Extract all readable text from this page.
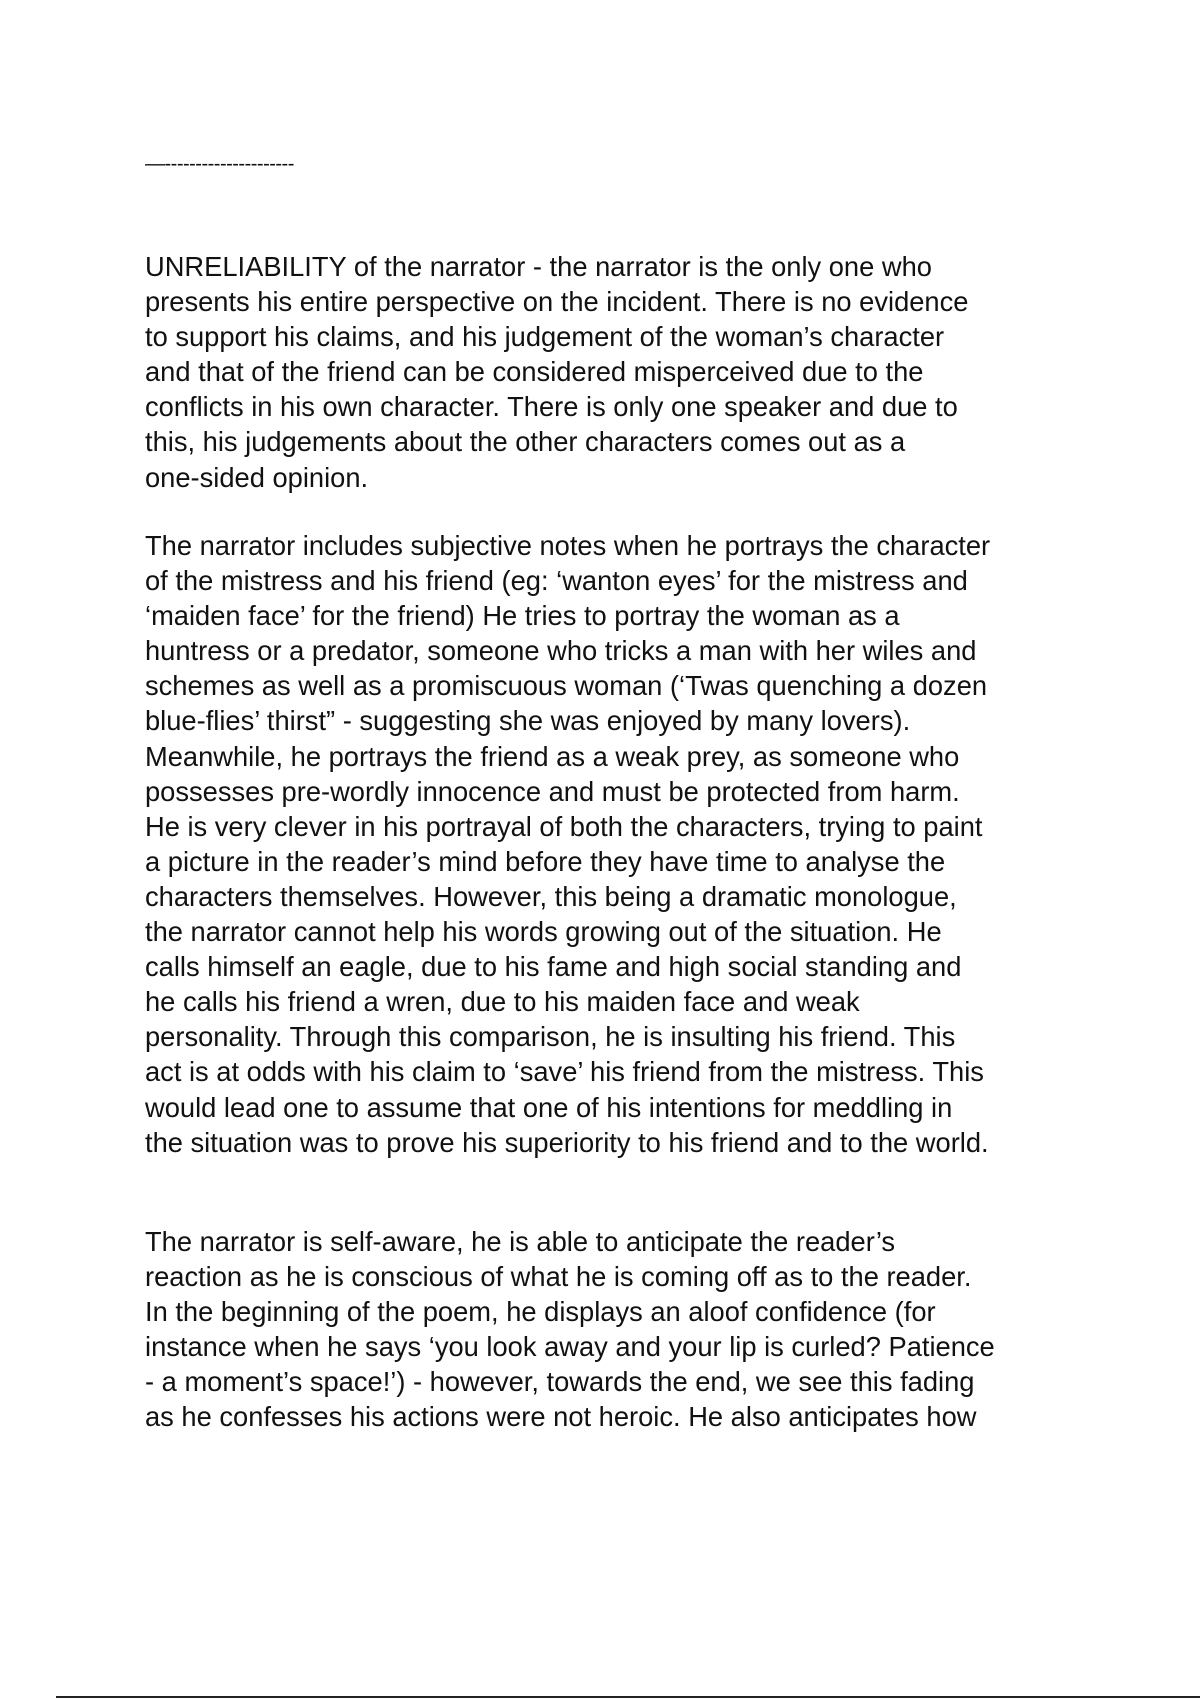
—---------------------

UNRELIABILITY of the narrator - the narrator is the only one who
presents his entire perspective on the incident. There is no evidence
to support his claims, and his judgement of the woman’s character
and that of the friend can be considered misperceived due to the
conflicts in his own character. There is only one speaker and due to
this, his judgements about the other characters comes out as a
one-sided opinion.

The narrator includes subjective notes when he portrays the character
of the mistress and his friend (eg: ‘wanton eyes’ for the mistress and
‘maiden face’ for the friend) He tries to portray the woman as a
huntress or a predator, someone who tricks a man with her wiles and
schemes as well as a promiscuous woman (‘Twas quenching a dozen
blue-flies’ thirst” - suggesting she was enjoyed by many lovers).
Meanwhile, he portrays the friend as a weak prey, as someone who
possesses pre-wordly innocence and must be protected from harm.
He is very clever in his portrayal of both the characters, trying to paint
a picture in the reader’s mind before they have time to analyse the
characters themselves. However, this being a dramatic monologue,
the narrator cannot help his words growing out of the situation. He
calls himself an eagle, due to his fame and high social standing and
he calls his friend a wren, due to his maiden face and weak
personality. Through this comparison, he is insulting his friend. This
act is at odds with his claim to ‘save’ his friend from the mistress. This
would lead one to assume that one of his intentions for meddling in
the situation was to prove his superiority to his friend and to the world.

The narrator is self-aware, he is able to anticipate the reader’s
reaction as he is conscious of what he is coming off as to the reader.
In the beginning of the poem, he displays an aloof confidence (for
instance when he says ‘you look away and your lip is curled? Patience
- a moment’s space!’) - however, towards the end, we see this fading
as he confesses his actions were not heroic. He also anticipates how
